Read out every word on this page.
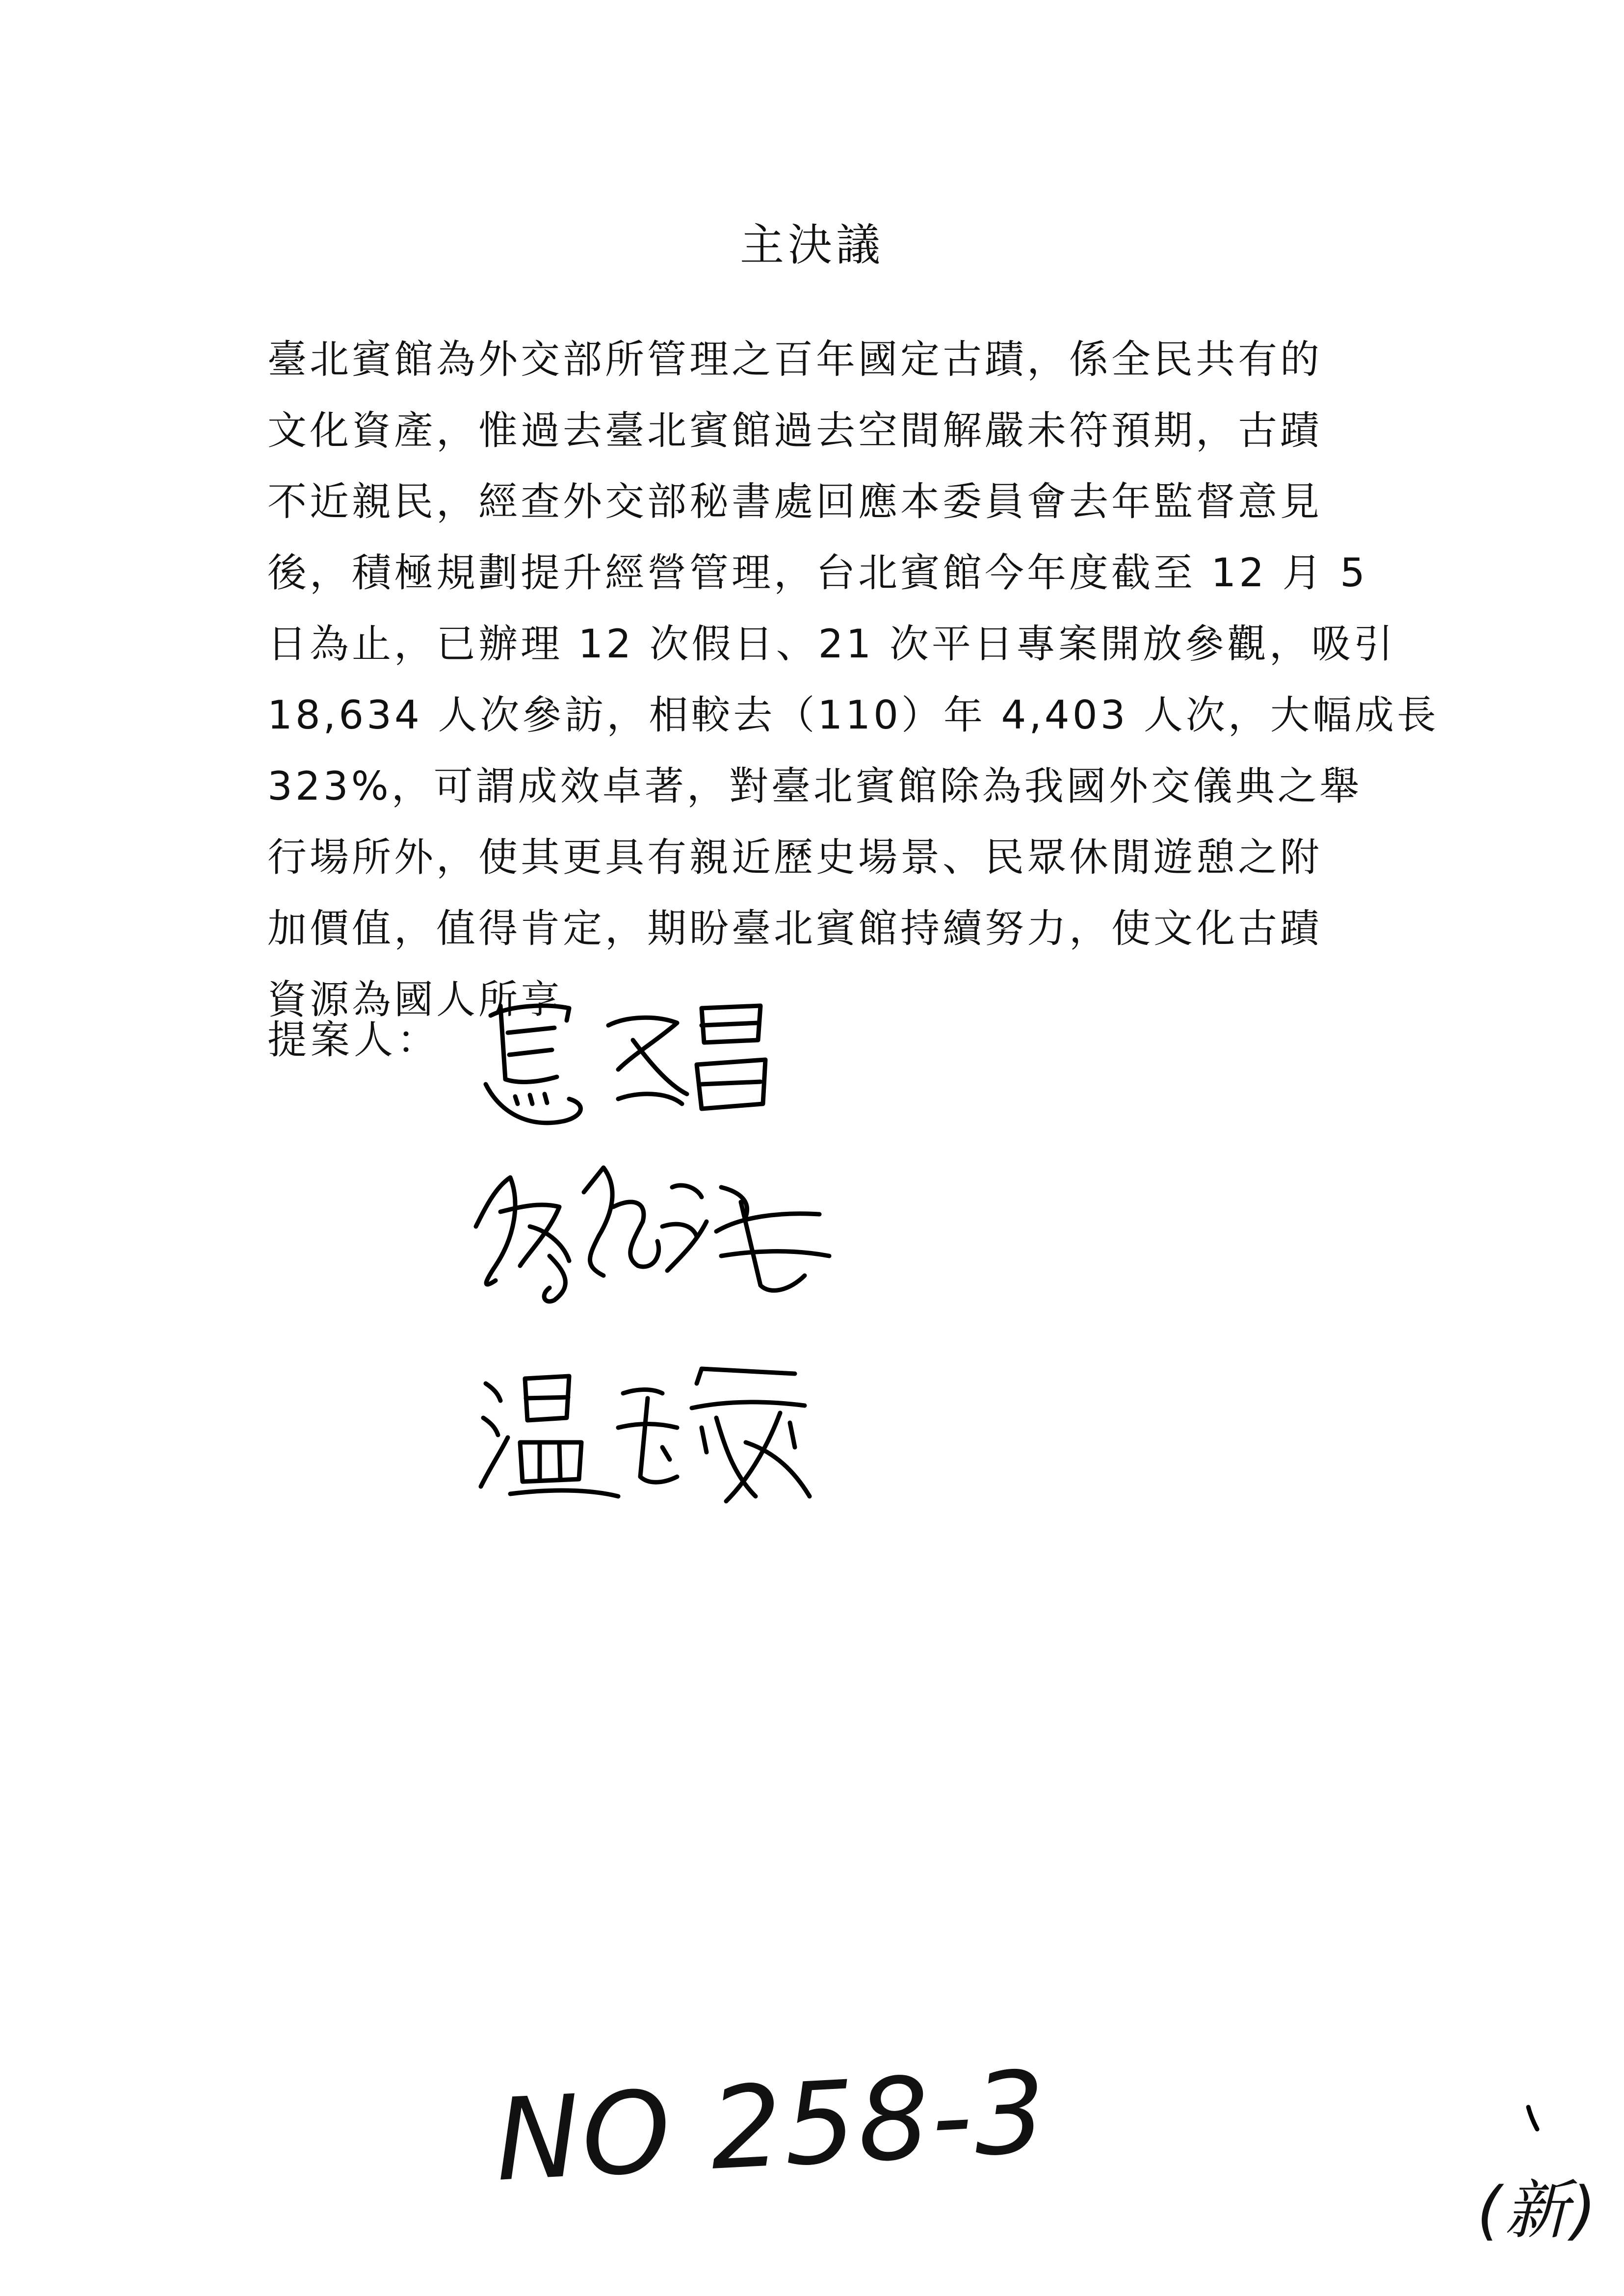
主決議
臺北賓館為外交部所管理之百年國定古蹟，係全民共有的
文化資產，惟過去臺北賓館過去空間解嚴未符預期，古蹟
不近親民，經查外交部秘書處回應本委員會去年監督意見
後，積極規劃提升經營管理，台北賓館今年度截至 12 月 5
日為止，已辦理 12 次假日、21 次平日專案開放參觀，吸引
18,634 人次參訪，相較去（110）年 4,403 人次，大幅成長
323%，可謂成效卓著，對臺北賓館除為我國外交儀典之舉
行場所外，使其更具有親近歷史場景、民眾休閒遊憩之附
加價值，值得肯定，期盼臺北賓館持續努力，使文化古蹟
資源為國人所享
提案人：
NO 258-3
(新)
